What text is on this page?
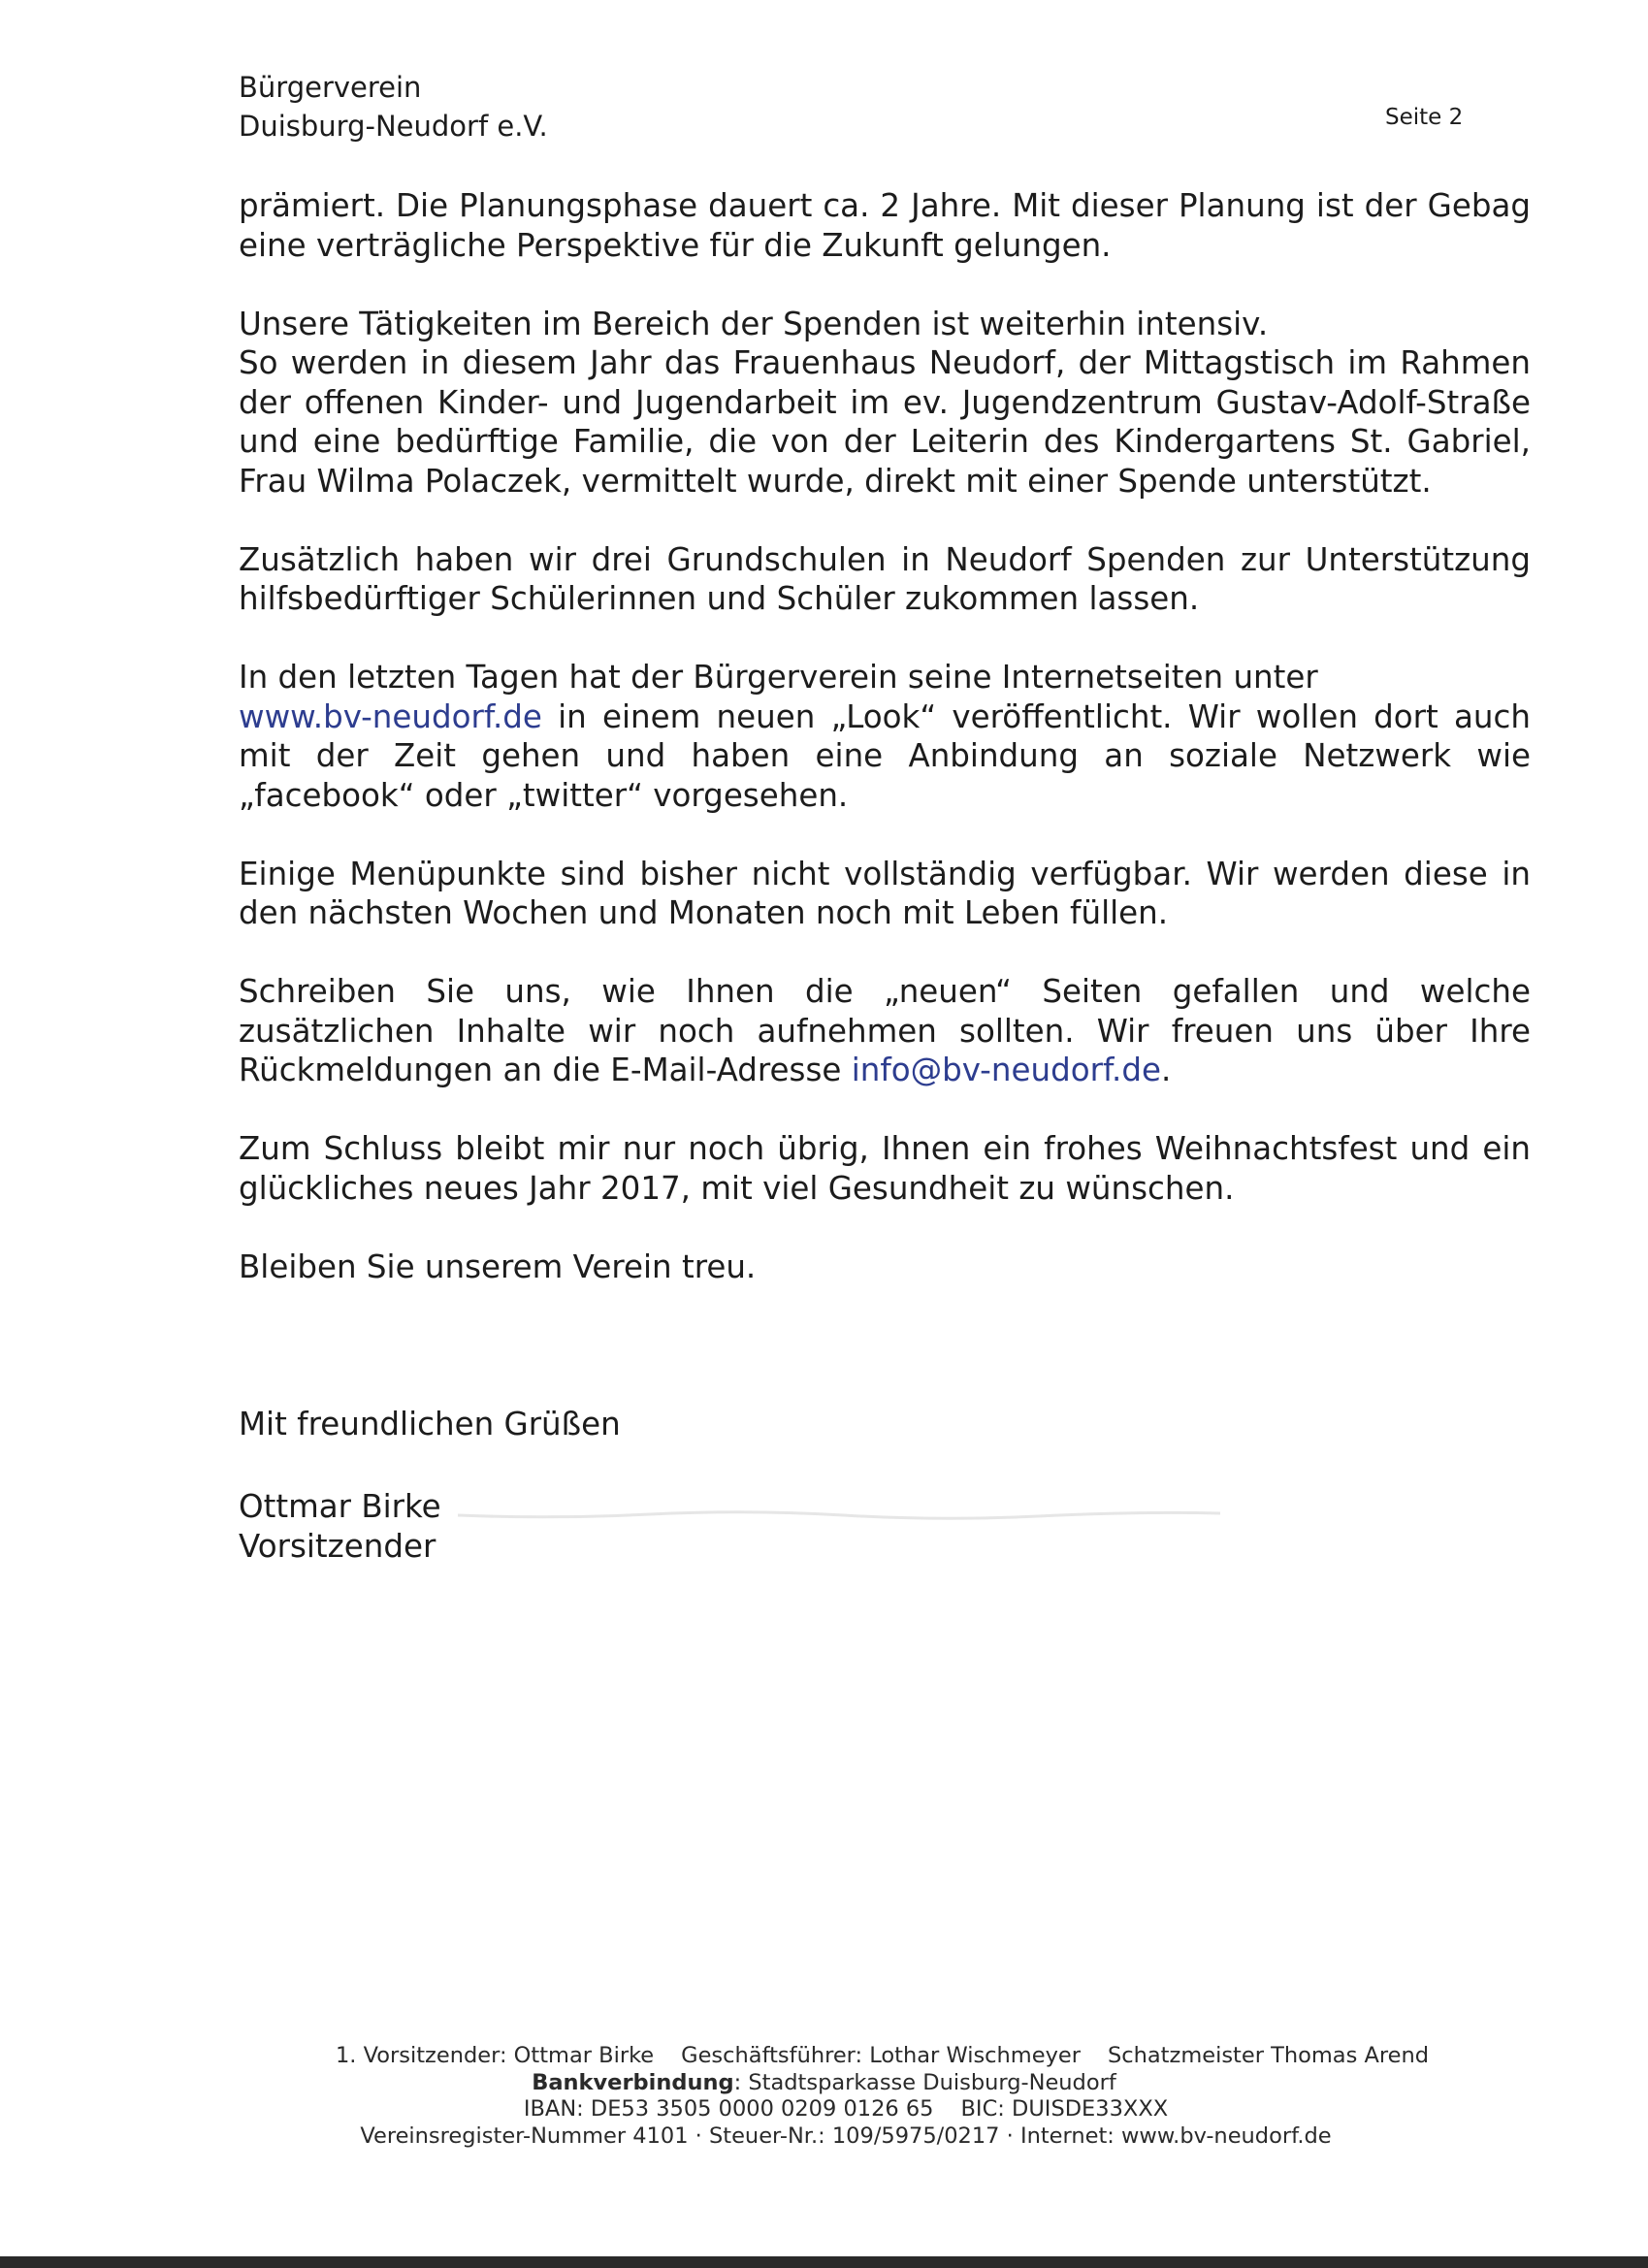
Bürgerverein
Duisburg-Neudorf e.V.	Seite 2

prämiert. Die Planungsphase dauert ca. 2 Jahre. Mit dieser Planung ist der Gebag eine verträgliche Perspektive für die Zukunft gelungen.

Unsere Tätigkeiten im Bereich der Spenden ist weiterhin intensiv.
So werden in diesem Jahr das Frauenhaus Neudorf, der Mittagstisch im Rahmen der offenen Kinder- und Jugendarbeit im ev. Jugendzentrum Gustav-Adolf-Straße und eine bedürftige Familie, die von der Leiterin des Kindergartens St. Gabriel, Frau Wilma Polaczek, vermittelt wurde, direkt mit einer Spende unterstützt.

Zusätzlich haben wir drei Grundschulen in Neudorf Spenden zur Unterstützung hilfsbedürftiger Schülerinnen und Schüler zukommen lassen.

In den letzten Tagen hat der Bürgerverein seine Internetseiten unter
www.bv-neudorf.de in einem neuen „Look“ veröffentlicht. Wir wollen dort auch mit der Zeit gehen und haben eine Anbindung an soziale Netzwerk wie „facebook“ oder „twitter“ vorgesehen.

Einige Menüpunkte sind bisher nicht vollständig verfügbar. Wir werden diese in den nächsten Wochen und Monaten noch mit Leben füllen.

Schreiben Sie uns, wie Ihnen die „neuen“ Seiten gefallen und welche zusätzlichen Inhalte wir noch aufnehmen sollten. Wir freuen uns über Ihre Rückmeldungen an die E-Mail-Adresse info@bv-neudorf.de.

Zum Schluss bleibt mir nur noch übrig, Ihnen ein frohes Weihnachtsfest und ein glückliches neues Jahr 2017, mit viel Gesundheit zu wünschen.

Bleiben Sie unserem Verein treu.

Mit freundlichen Grüßen
Ottmar Birke
Vorsitzender
1. Vorsitzender: Ottmar Birke Geschäftsführer: Lothar Wischmeyer Schatzmeister Thomas Arend
Bankverbindung: Stadtsparkasse Duisburg-Neudorf
IBAN: DE53 3505 0000 0209 0126 65 BIC: DUISDE33XXX
Vereinsregister-Nummer 4101 · Steuer-Nr.: 109/5975/0217 · Internet: www.bv-neudorf.de
